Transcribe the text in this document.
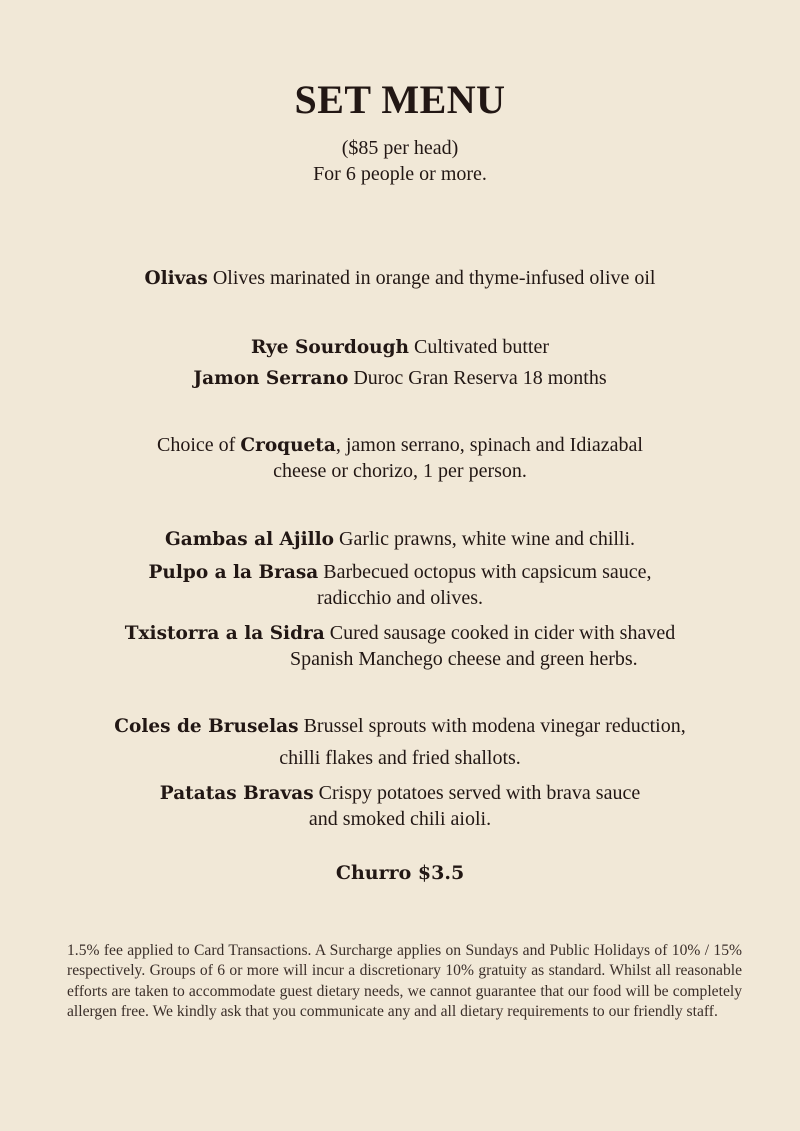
SET MENU
($85 per head)
For 6 people or more.
Olivas Olives marinated in orange and thyme-infused olive oil
Rye Sourdough Cultivated butter
Jamon Serrano Duroc Gran Reserva 18 months
Choice of Croqueta, jamon serrano, spinach and Idiazabal
cheese or chorizo, 1 per person.
Gambas al Ajillo Garlic prawns, white wine and chilli.
Pulpo a la Brasa Barbecued octopus with capsicum sauce,
radicchio and olives.
Txistorra a la Sidra Cured sausage cooked in cider with shaved
Spanish Manchego cheese and green herbs.
Coles de Bruselas Brussel sprouts with modena vinegar reduction,
chilli flakes and fried shallots.
Patatas Bravas Crispy potatoes served with brava sauce
and smoked chili aioli.
Churro $3.5
1.5% fee applied to Card Transactions. A Surcharge applies on Sundays and Public Holidays of 10% / 15% respectively. Groups of 6 or more will incur a discretionary 10% gratuity as standard. Whilst all reasonable efforts are taken to accommodate guest dietary needs, we cannot guarantee that our food will be completely allergen free. We kindly ask that you communicate any and all dietary requirements to our friendly staff.
